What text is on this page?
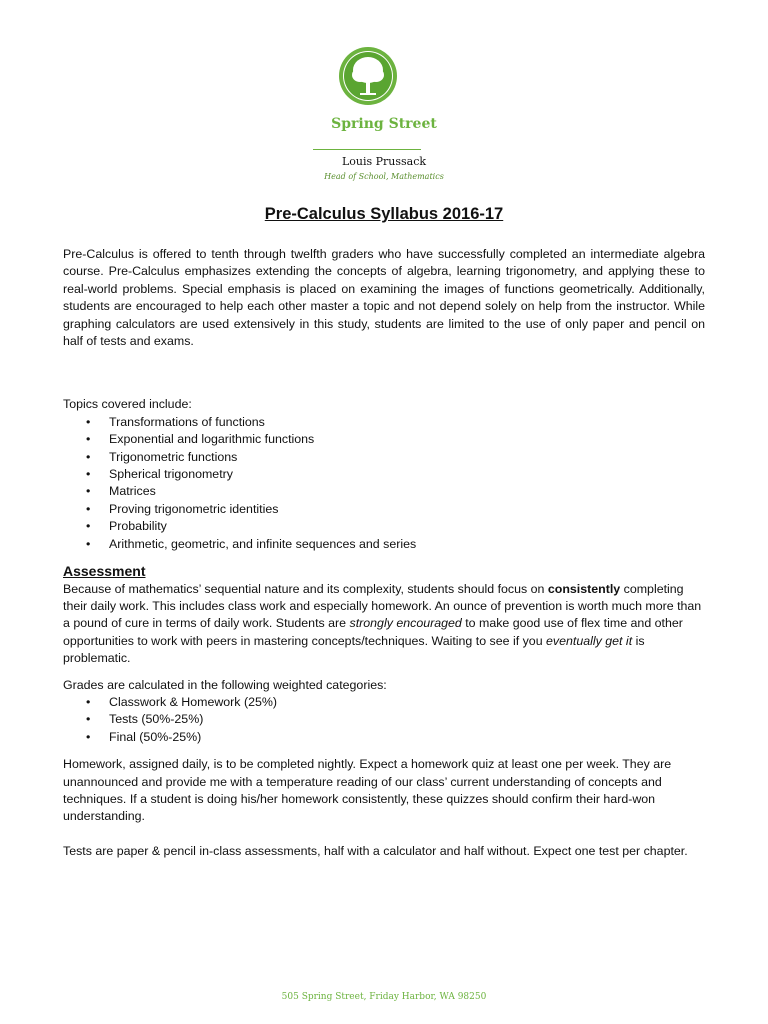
Spring Street
Louis Prussack
Head of School, Mathematics
Pre-Calculus Syllabus 2016-17

Pre-Calculus is offered to tenth through twelfth graders who have successfully completed an intermediate algebra course. Pre-Calculus emphasizes extending the concepts of algebra, learning trigonometry, and applying these to real-world problems. Special emphasis is placed on examining the images of functions geometrically. Additionally, students are encouraged to help each other master a topic and not depend solely on help from the instructor. While graphing calculators are used extensively in this study, students are limited to the use of only paper and pencil on half of tests and exams.

Topics covered include:

• Transformations of functions
• Exponential and logarithmic functions
• Trigonometric functions
• Spherical trigonometry
• Matrices
• Proving trigonometric identities
• Probability
• Arithmetic, geometric, and infinite sequences and series
Assessment

Because of mathematics’ sequential nature and its complexity, students should focus on consistently completing their daily work. This includes class work and especially homework. An ounce of prevention is worth much more than a pound of cure in terms of daily work. Students are strongly encouraged to make good use of flex time and other opportunities to work with peers in mastering concepts/techniques. Waiting to see if you eventually get it is problematic.

Grades are calculated in the following weighted categories:

• Classwork & Homework (25%)
• Tests (50%-25%)
• Final (50%-25%)

Homework, assigned daily, is to be completed nightly. Expect a homework quiz at least one per week. They are unannounced and provide me with a temperature reading of our class’ current understanding of concepts and techniques. If a student is doing his/her homework consistently, these quizzes should confirm their hard-won understanding.

Tests are paper & pencil in-class assessments, half with a calculator and half without. Expect one test per chapter.

505 Spring Street, Friday Harbor, WA 98250
